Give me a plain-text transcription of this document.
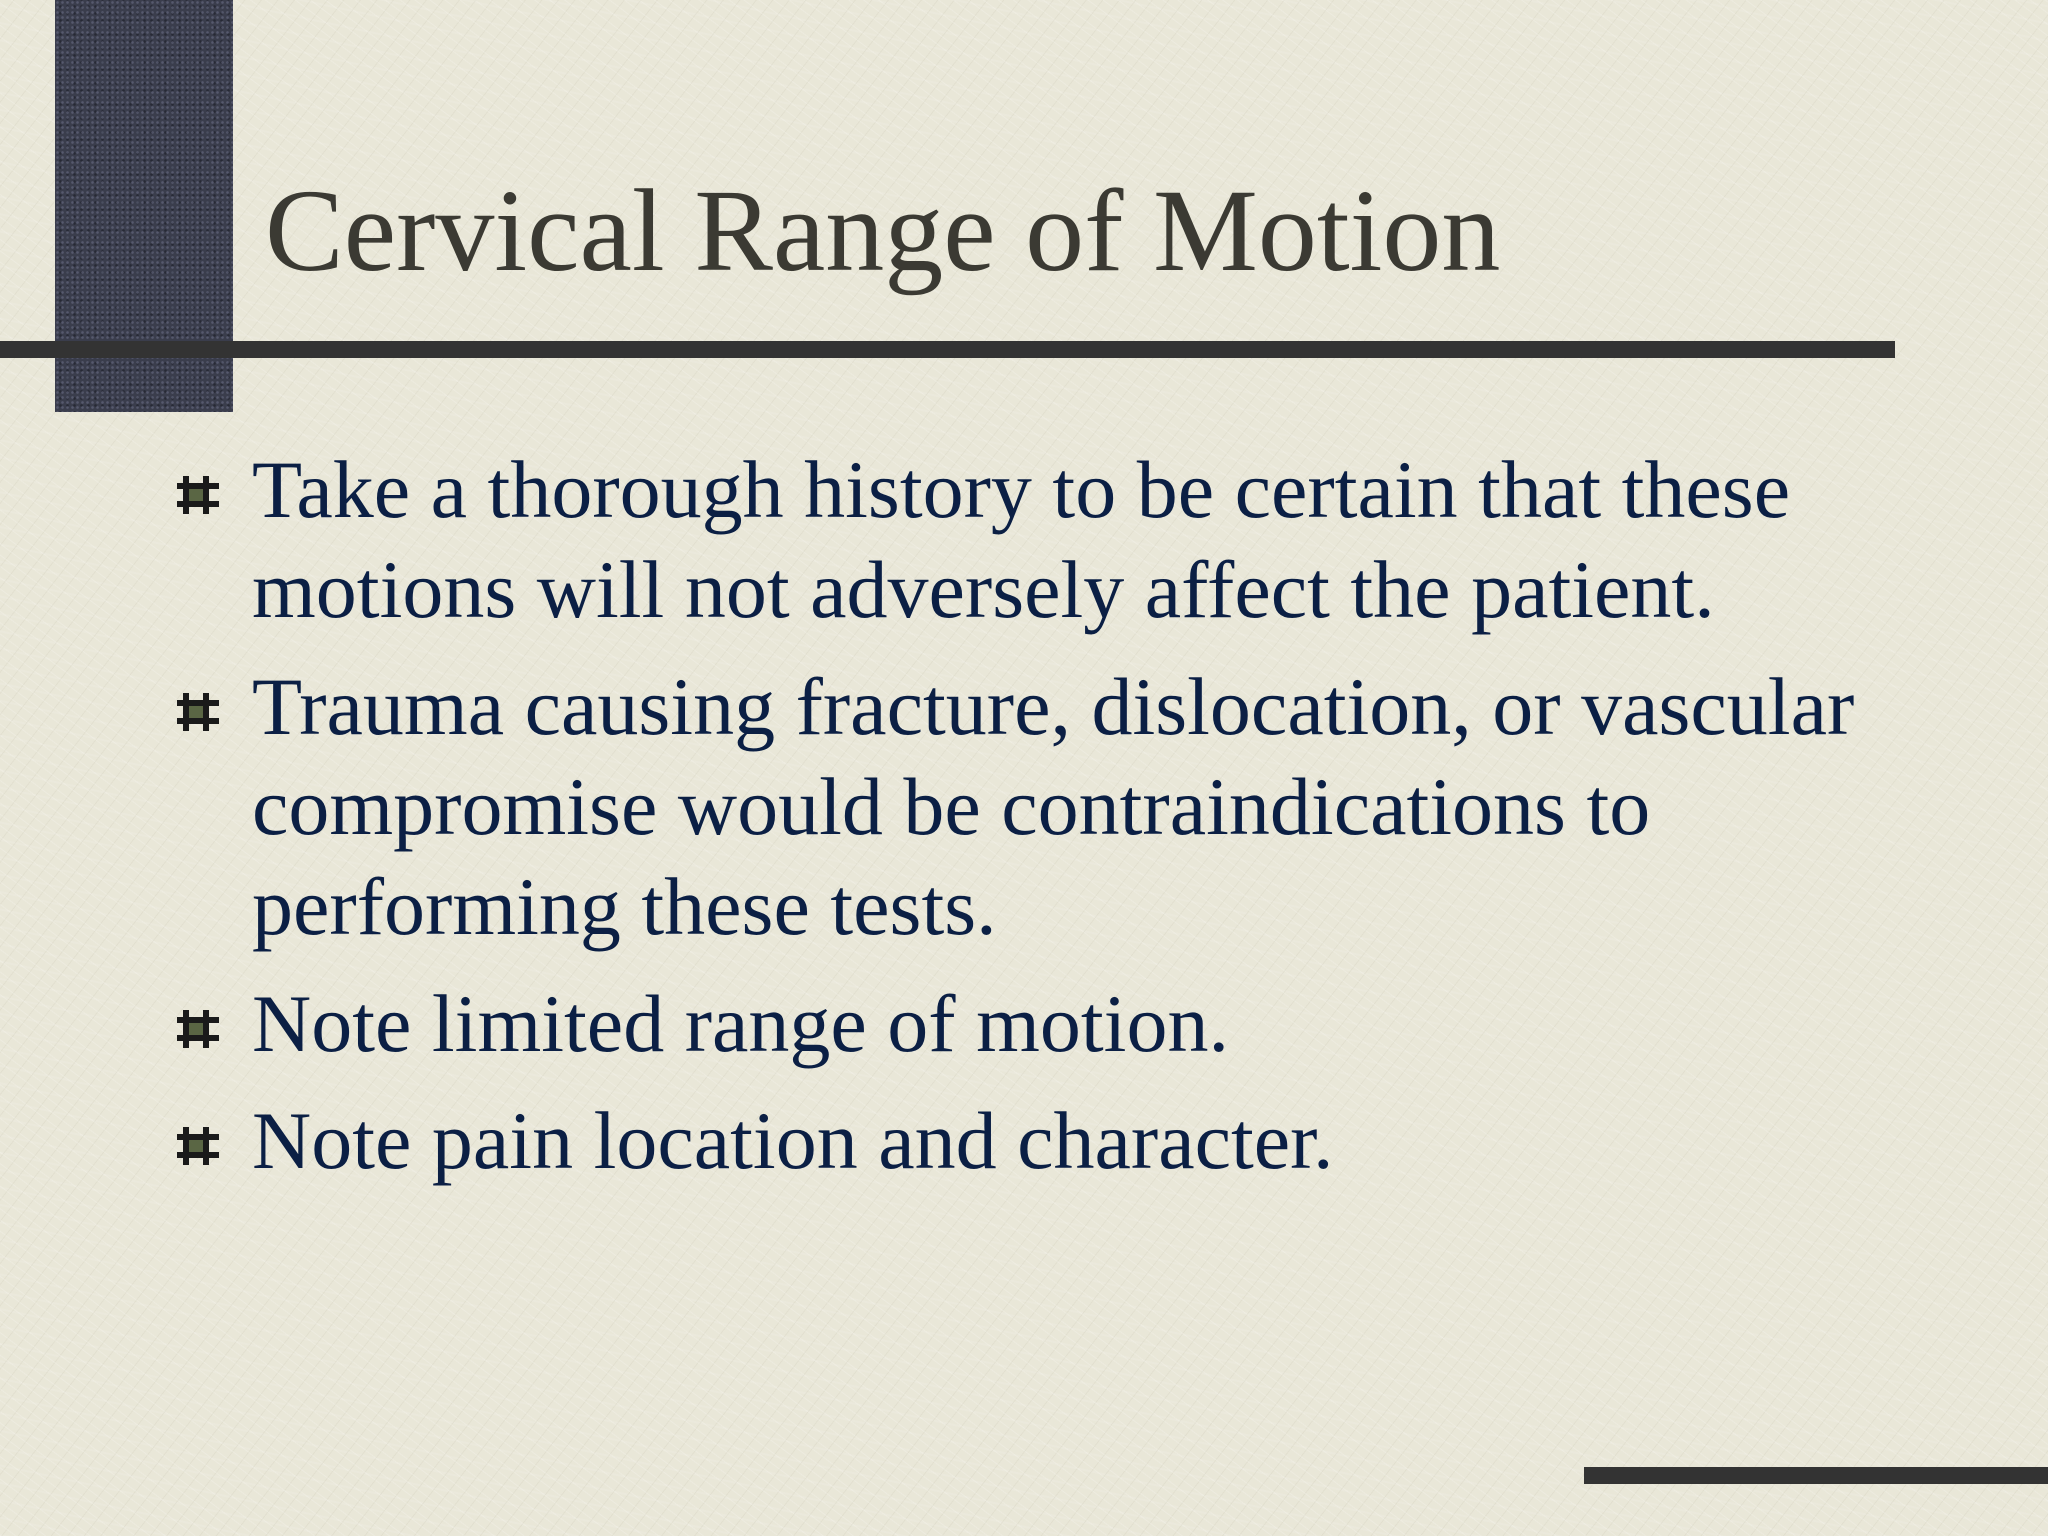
Cervical Range of Motion
Take a thorough history to be certain that these motions will not adversely affect the patient.
Trauma causing fracture, dislocation, or vascular compromise would be contraindications to performing these tests.
Note limited range of motion.
Note pain location and character.
